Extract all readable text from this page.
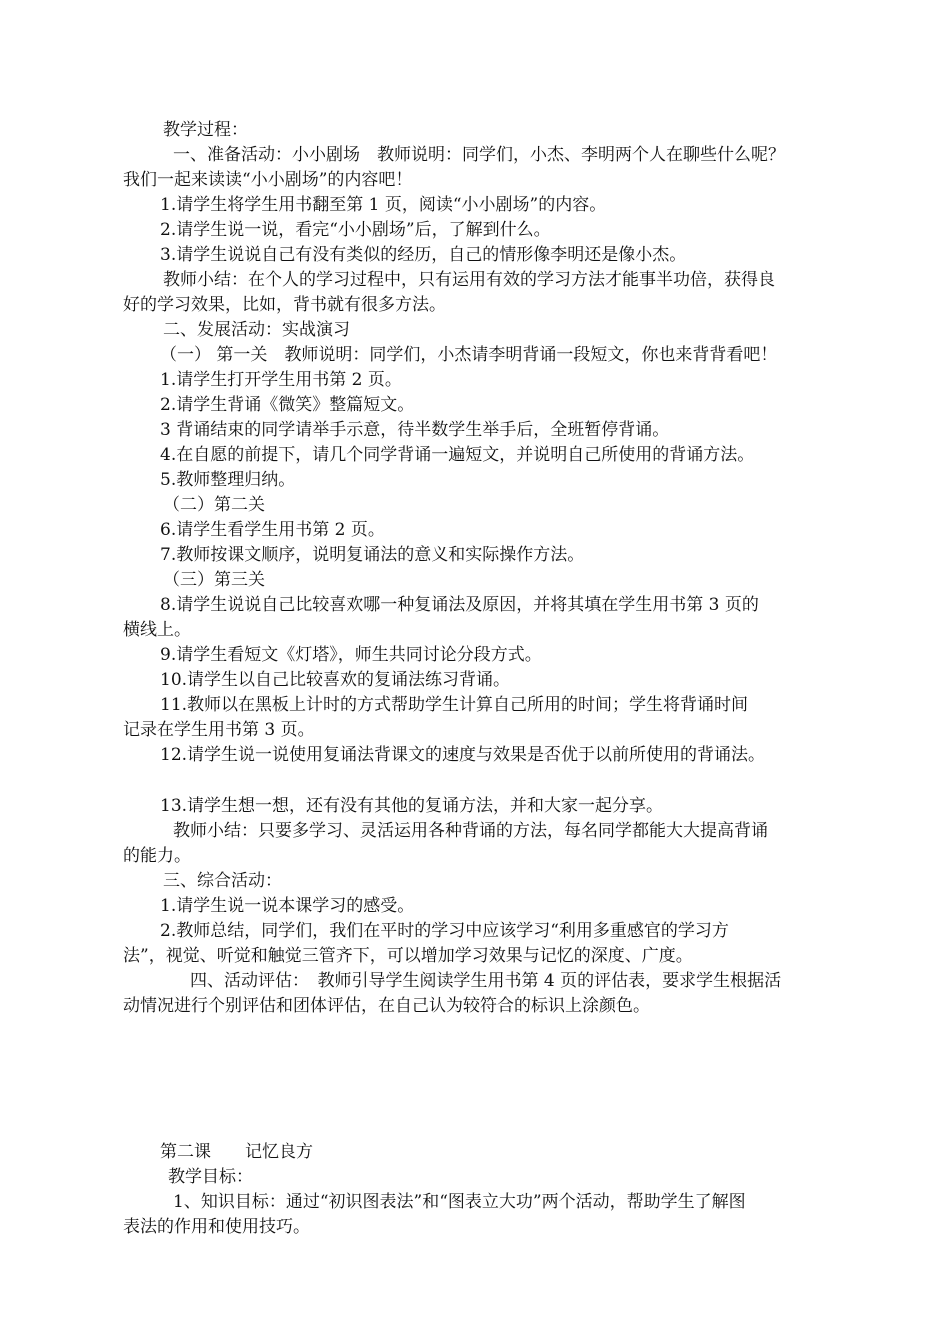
教学过程：
一、准备活动：小小剧场　教师说明：同学们，小杰、李明两个人在聊些什么呢？
我们一起来读读“小小剧场”的内容吧！
1.请学生将学生用书翻至第 1 页，阅读“小小剧场”的内容。
2.请学生说一说，看完“小小剧场”后，了解到什么。
3.请学生说说自己有没有类似的经历，自己的情形像李明还是像小杰。
教师小结：在个人的学习过程中，只有运用有效的学习方法才能事半功倍，获得良
好的学习效果，比如，背书就有很多方法。
二、发展活动：实战演习
（一） 第一关　教师说明：同学们，小杰请李明背诵一段短文，你也来背背看吧！
1.请学生打开学生用书第 2 页。
2.请学生背诵《微笑》整篇短文。
3 背诵结束的同学请举手示意，待半数学生举手后，全班暂停背诵。
4.在自愿的前提下，请几个同学背诵一遍短文，并说明自己所使用的背诵方法。
5.教师整理归纳。
（二）第二关
6.请学生看学生用书第 2 页。
7.教师按课文顺序，说明复诵法的意义和实际操作方法。
（三）第三关
8.请学生说说自己比较喜欢哪一种复诵法及原因，并将其填在学生用书第 3 页的
横线上。
9.请学生看短文《灯塔》，师生共同讨论分段方式。
10.请学生以自己比较喜欢的复诵法练习背诵。
11.教师以在黑板上计时的方式帮助学生计算自己所用的时间；学生将背诵时间
记录在学生用书第 3 页。
12.请学生说一说使用复诵法背课文的速度与效果是否优于以前所使用的背诵法。
13.请学生想一想，还有没有其他的复诵方法，并和大家一起分享。
教师小结：只要多学习、灵活运用各种背诵的方法，每名同学都能大大提高背诵
的能力。
三、综合活动：
1.请学生说一说本课学习的感受。
2.教师总结，同学们，我们在平时的学习中应该学习“利用多重感官的学习方
法”，视觉、听觉和触觉三管齐下，可以增加学习效果与记忆的深度、广度。
四、活动评估：　教师引导学生阅读学生用书第 4 页的评估表，要求学生根据活
动情况进行个别评估和团体评估，在自己认为较符合的标识上涂颜色。
第二课　　记忆良方
教学目标：
1、知识目标：通过“初识图表法”和“图表立大功”两个活动，帮助学生了解图
表法的作用和使用技巧。
